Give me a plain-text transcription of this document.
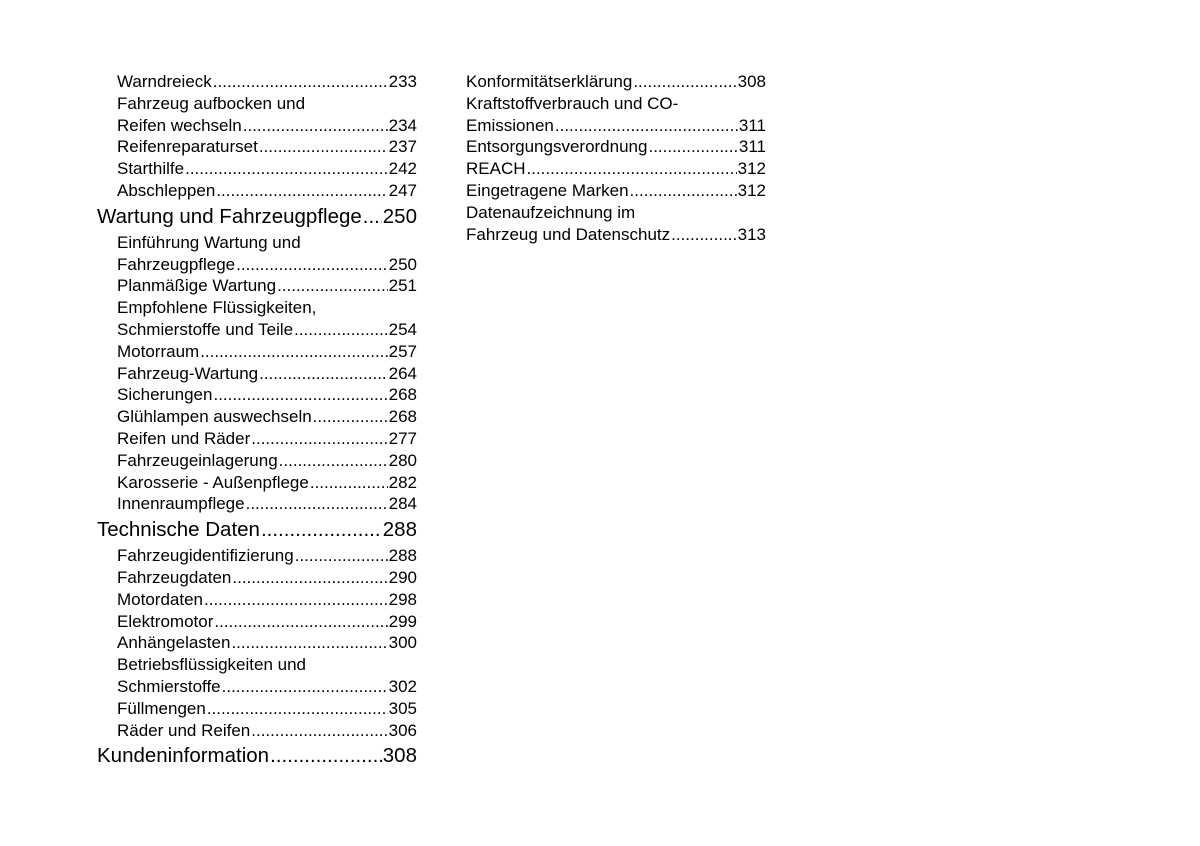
Warndreieck .....	233
Fahrzeug aufbocken und
Reifen wechseln .....	234
Reifenreparaturset .....	237
Starthilfe .....	242
Abschleppen .....	247
Wartung und Fahrzeugpflege ..... 250
Einführung Wartung und
Fahrzeugpflege .....	250
Planmäßige Wartung .....	251
Empfohlene Flüssigkeiten,
Schmierstoffe und Teile .....	254
Motorraum .....	257
Fahrzeug-Wartung .....	264
Sicherungen .....	268
Glühlampen auswechseln .....	268
Reifen und Räder .....	277
Fahrzeugeinlagerung .....	280
Karosserie - Außenpflege .....	282
Innenraumpflege .....	284
Technische Daten .....	288
Fahrzeugidentifizierung .....	288
Fahrzeugdaten .....	290
Motordaten .....	298
Elektromotor .....	299
Anhängelasten .....	300
Betriebsflüssigkeiten und
Schmierstoffe .....	302
Füllmengen .....	305
Räder und Reifen .....	306
Kundeninformation .....	308
Konformitätserklärung .....	308
Kraftstoffverbrauch und CO-
Emissionen .....	311
Entsorgungsverordnung .....	311
REACH .....	312
Eingetragene Marken .....	312
Datenaufzeichnung im
Fahrzeug und Datenschutz .....	313
